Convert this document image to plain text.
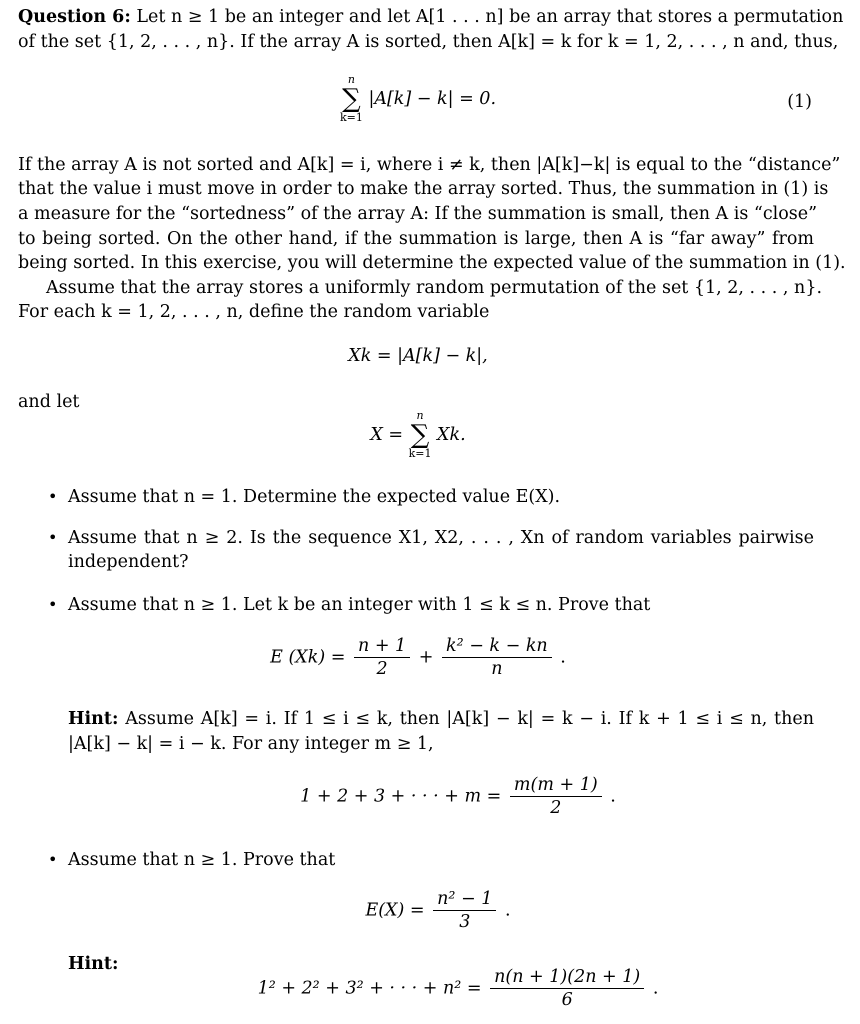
Question 6: Let n ≥ 1 be an integer and let A[1 . . . n] be an array that stores a permutation
of the set {1, 2, . . . , n}. If the array A is sorted, then A[k] = k for k = 1, 2, . . . , n and, thus,
n
∑
k=1
|A[k] − k| = 0.	(1)
If the array A is not sorted and A[k] = i, where i ≠ k, then |A[k]−k| is equal to the “distance”
that the value i must move in order to make the array sorted. Thus, the summation in (1) is
a measure for the “sortedness” of the array A: If the summation is small, then A is “close”
to being sorted. On the other hand, if the summation is large, then A is “far away” from
being sorted. In this exercise, you will determine the expected value of the summation in (1).
Assume that the array stores a uniformly random permutation of the set {1, 2, . . . , n}.
For each k = 1, 2, . . . , n, define the random variable
Xk = |A[k] − k|,
and let
X =
n
∑
k=1
Xk.
• Assume that n = 1. Determine the expected value E(X).
• Assume that n ≥ 2. Is the sequence X1, X2, . . . , Xn of random variables pairwise
independent?
• Assume that n ≥ 1. Let k be an integer with 1 ≤ k ≤ n. Prove that
E $(Xk) = \frac{n + 1}{2} + \frac{\text{k² − k − kn}}{n}$ .
Hint: Assume A[k] = i. If 1 ≤ i ≤ k, then |A[k] − k| = k − i. If k + 1 ≤ i ≤ n, then
|A[k] − k| = i − k. For any integer m ≥ 1,
1 + 2 + 3 + · · · + $m = \frac{m(m + 1)}{2}$ .
• Assume that n ≥ 1. Prove that
$E(X) = \frac{\text{n² − 1}}{3}$ .
Hint:
1² + 2² + 3² + · · · + $n^2 = \frac{n(n + 1)(2n + 1)}{6}$ .
